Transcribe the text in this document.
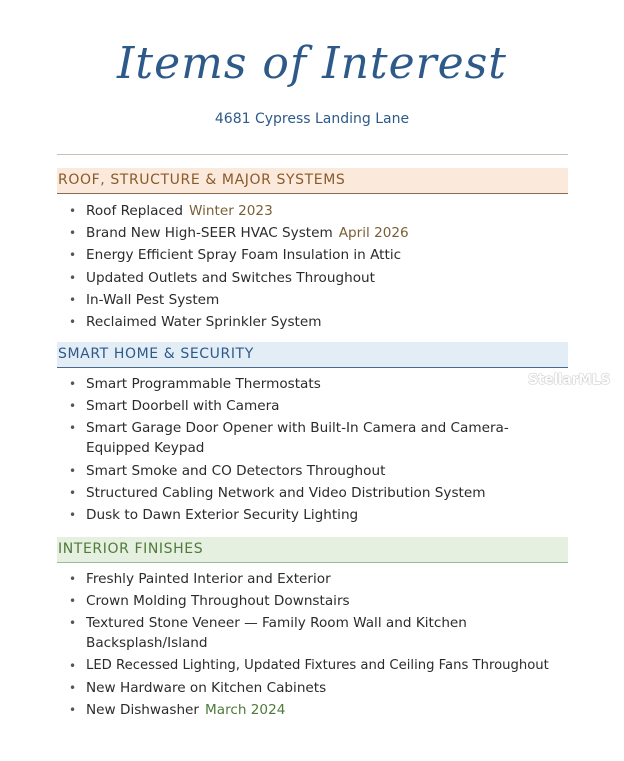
Items of Interest
4681 Cypress Landing Lane
ROOF, STRUCTURE & MAJOR SYSTEMS
• Roof Replaced Winter 2023
• Brand New High-SEER HVAC System April 2026
• Energy Efficient Spray Foam Insulation in Attic
• Updated Outlets and Switches Throughout
• In-Wall Pest System
• Reclaimed Water Sprinkler System
SMART HOME & SECURITY
• Smart Programmable Thermostats
• Smart Doorbell with Camera
• Smart Garage Door Opener with Built-In Camera and Camera-Equipped Keypad
• Smart Smoke and CO Detectors Throughout
• Structured Cabling Network and Video Distribution System
• Dusk to Dawn Exterior Security Lighting
INTERIOR FINISHES
• Freshly Painted Interior and Exterior
• Crown Molding Throughout Downstairs
• Textured Stone Veneer — Family Room Wall and Kitchen Backsplash/Island
• LED Recessed Lighting, Updated Fixtures and Ceiling Fans Throughout
• New Hardware on Kitchen Cabinets
• New Dishwasher March 2024
StellarMLS
